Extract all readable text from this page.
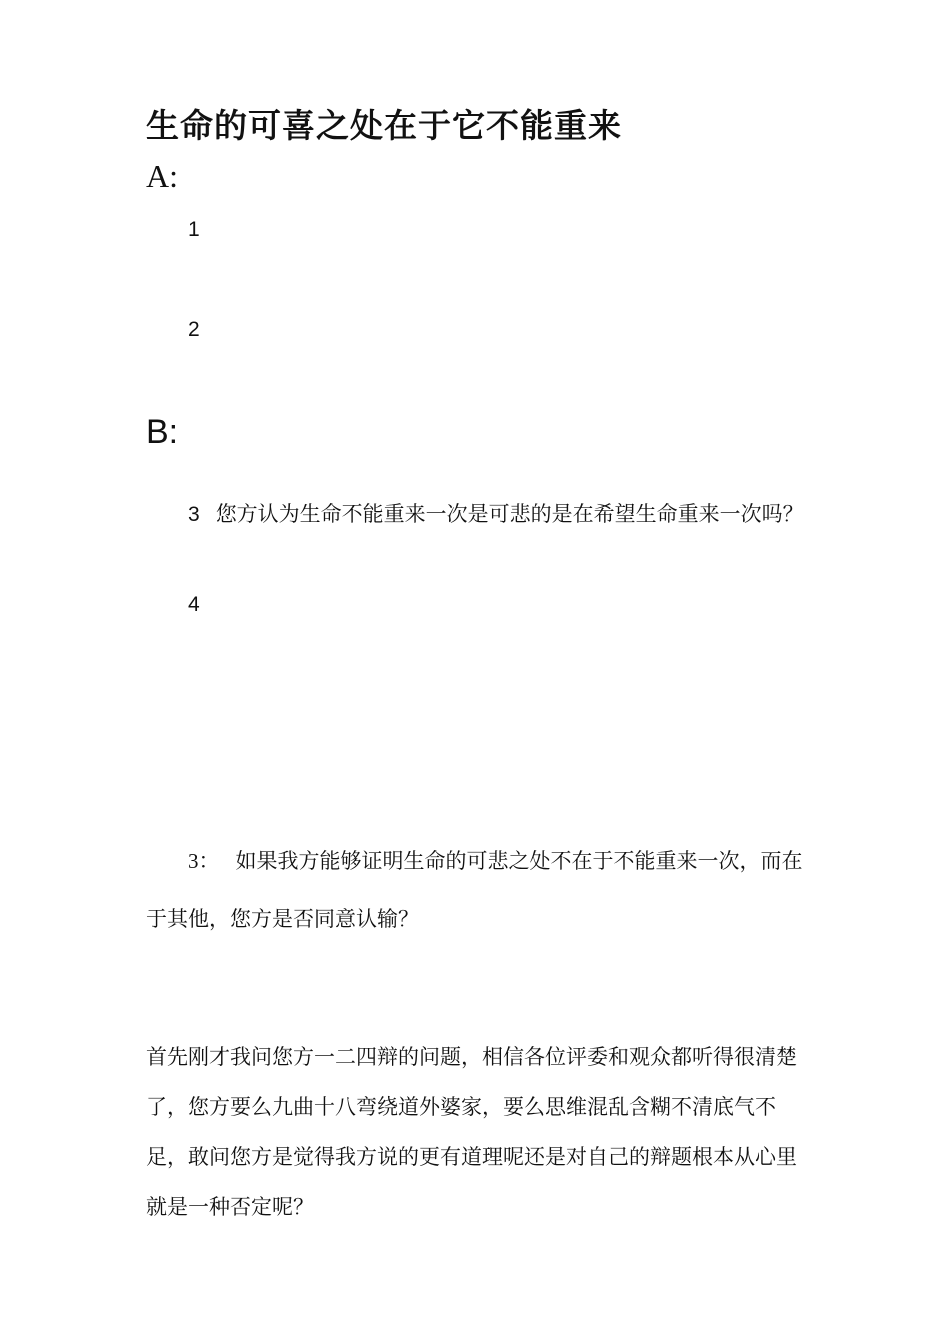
生命的可喜之处在于它不能重来
A:
1
2
B:

3 您方认为生命不能重来一次是可悲的是在希望生命重来一次吗？

4

3： 如果我方能够证明生命的可悲之处不在于不能重来一次，而在于其他，您方是否同意认输？

首先刚才我问您方一二四辩的问题，相信各位评委和观众都听得很清楚了，您方要么九曲十八弯绕道外婆家，要么思维混乱含糊不清底气不足，敢问您方是觉得我方说的更有道理呢还是对自己的辩题根本从心里就是一种否定呢？
